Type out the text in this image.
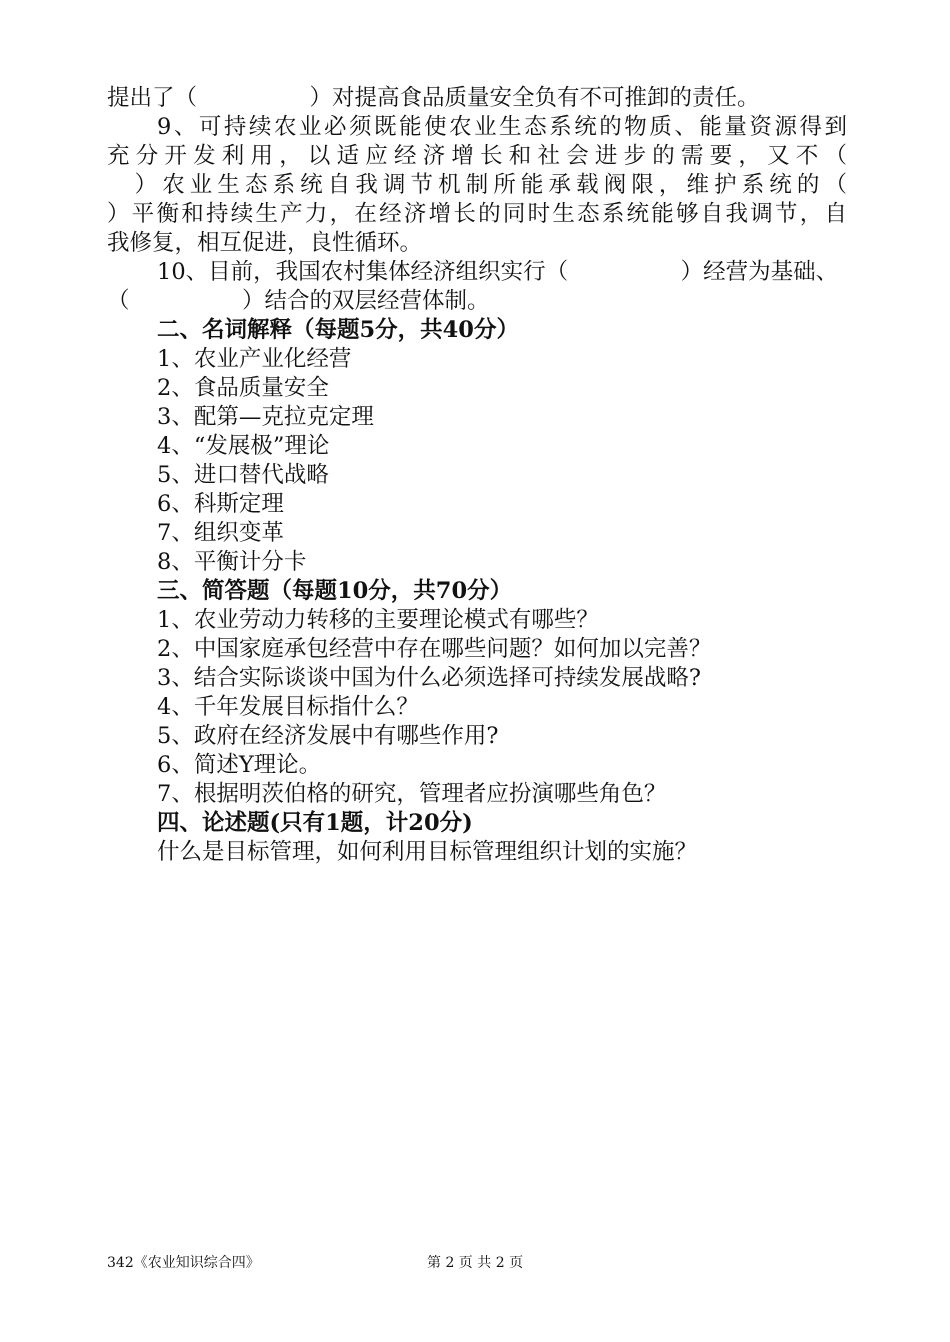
提出了（　　　　　）对提高食品质量安全负有不可推卸的责任。
9、可持续农业必须既能使农业生态系统的物质、能量资源得到
充分开发利用，以适应经济增长和社会进步的需要，又不（
　）农业生态系统自我调节机制所能承载阀限，维护系统的（
）平衡和持续生产力，在经济增长的同时生态系统能够自我调节，自
我修复，相互促进，良性循环。
10、目前，我国农村集体经济组织实行（　　　　　）经营为基础、
（　　　　　）结合的双层经营体制。
二、名词解释（每题5分，共40分）
1、农业产业化经营
2、食品质量安全
3、配第—克拉克定理
4、“发展极”理论
5、进口替代战略
6、科斯定理
7、组织变革
8、平衡计分卡
三、简答题（每题10分，共70分）
1、农业劳动力转移的主要理论模式有哪些？
2、中国家庭承包经营中存在哪些问题？如何加以完善？
3、结合实际谈谈中国为什么必须选择可持续发展战略?
4、千年发展目标指什么？
5、政府在经济发展中有哪些作用?
6、简述Y理论。
7、根据明茨伯格的研究，管理者应扮演哪些角色？
四、论述题(只有1题，计20分)
什么是目标管理，如何利用目标管理组织计划的实施？
342《农业知识综合四》	第 2 页 共 2 页
